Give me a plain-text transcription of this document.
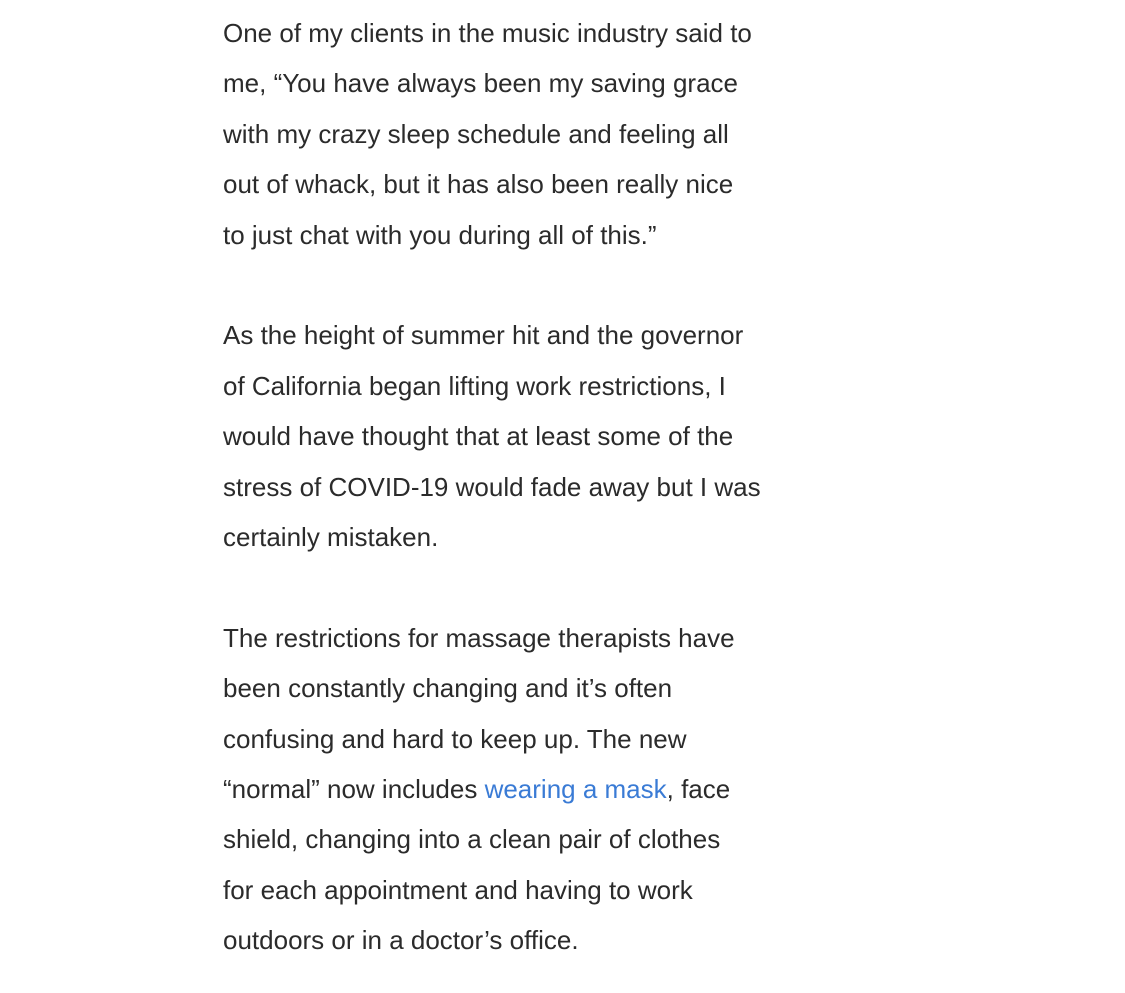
One of my clients in the music industry said to
me, “You have always been my saving grace
with my crazy sleep schedule and feeling all
out of whack, but it has also been really nice
to just chat with you during all of this.”

As the height of summer hit and the governor
of California began lifting work restrictions, I
would have thought that at least some of the
stress of COVID-19 would fade away but I was
certainly mistaken.

The restrictions for massage therapists have
been constantly changing and it’s often
confusing and hard to keep up. The new
“normal” now includes wearing a mask, face
shield, changing into a clean pair of clothes
for each appointment and having to work
outdoors or in a doctor’s office.
